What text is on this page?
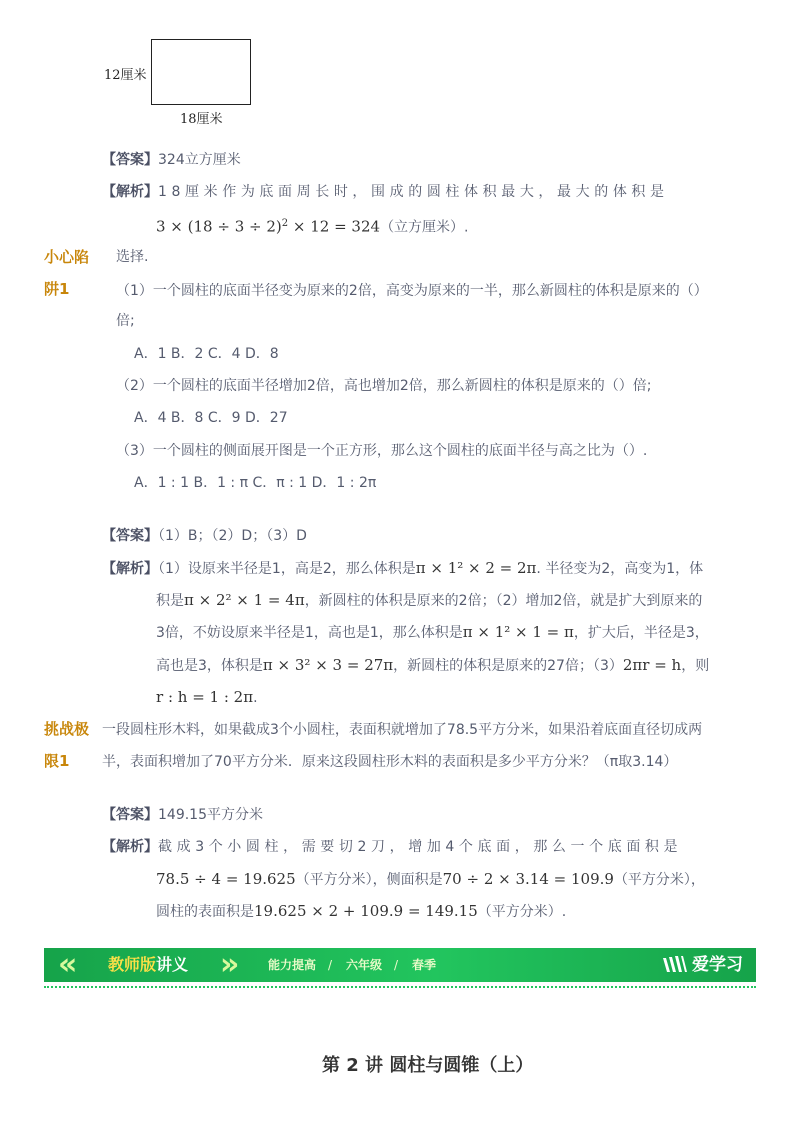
12厘米
18厘米
【答案】324立方厘米
【解析】18厘米作为底面周长时，围成的圆柱体积最大，最大的体积是
$3 \times (18 \div 3 \div 2)^2 \times 12 = 324$（立方厘米）.
小心陷
阱1
选择.
（1）一个圆柱的底面半径变为原来的2倍，高变为原来的一半，那么新圆柱的体积是原来的（）
倍;
A．1 B．2 C．4 D．8
（2）一个圆柱的底面半径增加2倍，高也增加2倍，那么新圆柱的体积是原来的（）倍;
A．4 B．8 C．9 D．27
（3）一个圆柱的侧面展开图是一个正方形，那么这个圆柱的底面半径与高之比为（）.
A．1 : 1 B．1 : π C．π : 1 D．1 : 2π
【答案】（1）B；（2）D；（3）D
【解析】（1）设原来半径是1，高是2，那么体积是π × 1² × 2 = 2π. 半径变为2，高变为1，体
积是π × 2² × 1 = 4π，新圆柱的体积是原来的2倍；（2）增加2倍，就是扩大到原来的
3倍，不妨设原来半径是1，高也是1，那么体积是π × 1² × 1 = π，扩大后，半径是3，
高也是3，体积是π × 3² × 3 = 27π，新圆柱的体积是原来的27倍；（3）2πr = h，则
r : h = 1 : 2π.
挑战极
限1
一段圆柱形木料，如果截成3个小圆柱，表面积就增加了78.5平方分米，如果沿着底面直径切成两
半，表面积增加了70平方分米．原来这段圆柱形木料的表面积是多少平方分米？（π取3.14）
【答案】149.15平方分米
【解析】截成3个小圆柱，需要切2刀，增加4个底面，那么一个底面积是
78.5 ÷ 4 = 19.625（平方分米），侧面积是70 ÷ 2 × 3.14 = 109.9（平方分米），
圆柱的表面积是19.625 × 2 + 109.9 = 149.15（平方分米）.
« 教师版讲义 » 能力提高 / 六年级 / 春季	爱学习
第 2 讲 圆柱与圆锥（上）
